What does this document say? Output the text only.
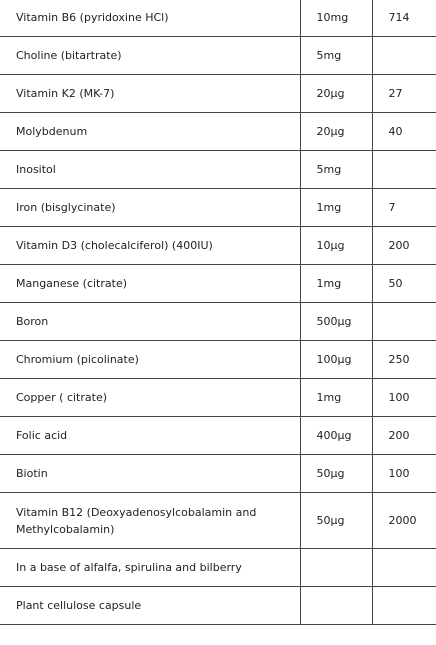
Vitamin B6 (pyridoxine HCl)	10mg	714
Choline (bitartrate)	5mg	
Vitamin K2 (MK-7)	20µg	27
Molybdenum	20µg	40
Inositol	5mg	
Iron (bisglycinate)	1mg	7
Vitamin D3 (cholecalciferol) (400IU)	10µg	200
Manganese (citrate)	1mg	50
Boron	500µg	
Chromium (picolinate)	100µg	250
Copper ( citrate)	1mg	100
Folic acid	400µg	200
Biotin	50µg	100
Vitamin B12 (Deoxyadenosylcobalamin and Methylcobalamin)	50µg	2000
In a base of alfalfa, spirulina and bilberry		
Plant cellulose capsule		
